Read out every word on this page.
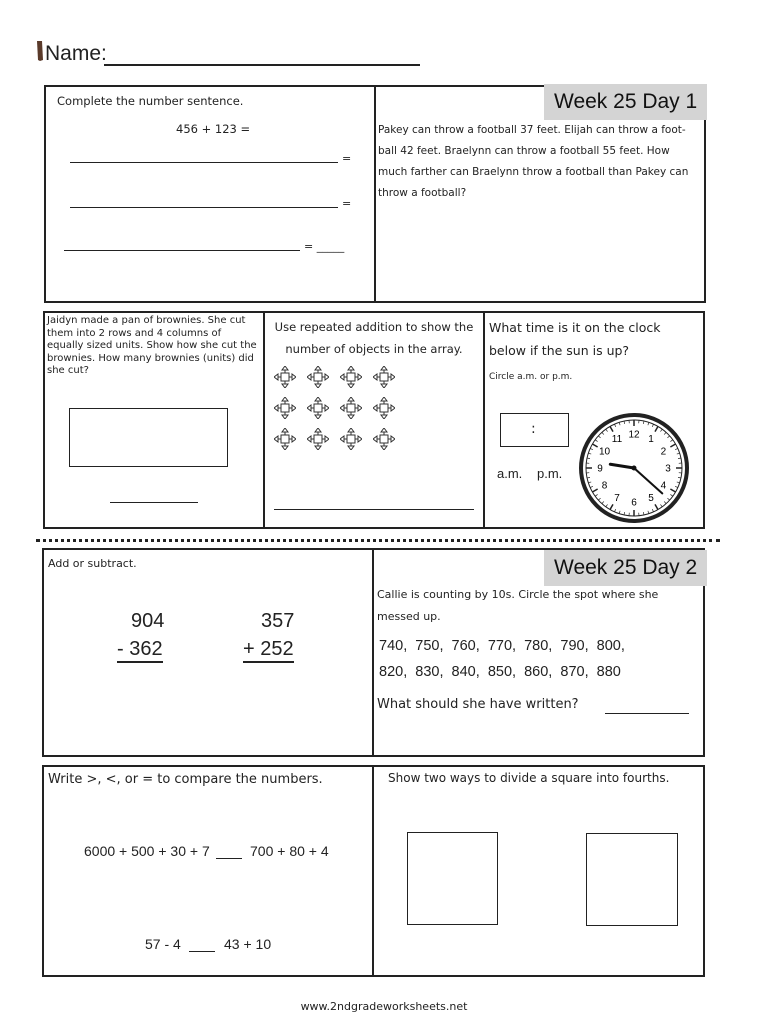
Name:
Week 25 Day 1
Complete the number sentence.
456 + 123 =
=
=
= _____
Pakey can throw a football 37 feet. Elijah can throw a foot-ball 42 feet. Braelynn can throw a football 55 feet. How much farther can Braelynn throw a football than Pakey can throw a football?
Jaidyn made a pan of brownies. She cut them into 2 rows and 4 columns of equally sized units. Show how she cut the brownies. How many brownies (units) did she cut?
Use repeated addition to show the number of objects in the array.
What time is it on the clock below if the sun is up?
Circle a.m. or p.m.
:
a.m. p.m.
12 1
2
3
4
5
6
7
8
9
10
11
Week 25 Day 2
Add or subtract.
904
- 362
357
+ 252
Callie is counting by 10s. Circle the spot where she messed up.
740,  750,  760,  770,  780,  790,  800,
820,  830,  840,  850,  860,  870,  880
What should she have written?
Write >, <, or = to compare the numbers.
6000 + 500 + 30 + 7	700 + 80 + 4
57 - 4	43 + 10
Show two ways to divide a square into fourths.
www.2ndgradeworksheets.net
